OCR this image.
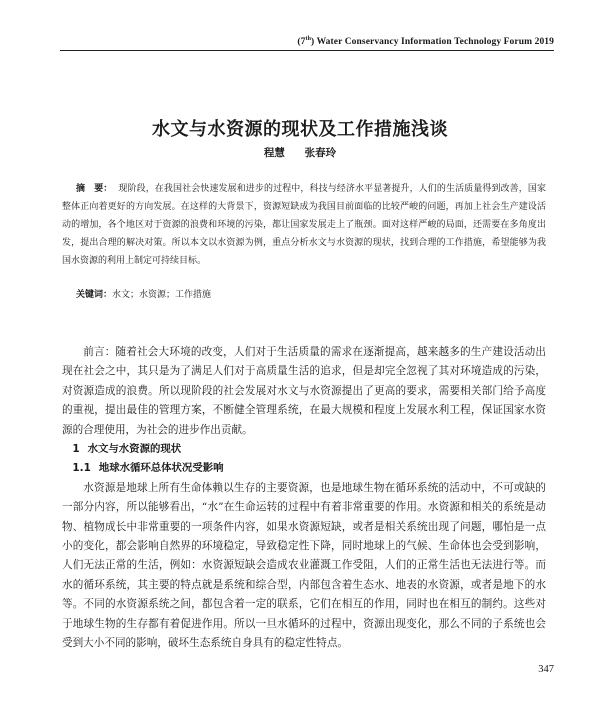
(7th) Water Conservancy Information Technology Forum 2019
水文与水资源的现状及工作措施浅谈
程慧 张春玲
摘　要： 现阶段，在我国社会快速发展和进步的过程中，科技与经济水平显著提升，人们的生活质量得到改善，国家整体正向着更好的方向发展。在这样的大背景下，资源短缺成为我国目前面临的比较严峻的问题，再加上社会生产建设活动的增加，各个地区对于资源的浪费和环境的污染，都让国家发展走上了瓶颈。面对这样严峻的局面，还需要在多角度出发，提出合理的解决对策。所以本文以水资源为例，重点分析水文与水资源的现状，找到合理的工作措施，希望能够为我国水资源的利用上制定可持续目标。
关键词：水文；水资源；工作措施

前言：随着社会大环境的改变，人们对于生活质量的需求在逐渐提高，越来越多的生产建设活动出现在社会之中，其只是为了满足人们对于高质量生活的追求，但是却完全忽视了其对环境造成的污染，对资源造成的浪费。所以现阶段的社会发展对水文与水资源提出了更高的要求，需要相关部门给予高度的重视，提出最佳的管理方案，不断健全管理系统，在最大规模和程度上发展水利工程，保证国家水资源的合理使用，为社会的进步作出贡献。

1 水文与水资源的现状
1.1 地球水循环总体状况受影响

水资源是地球上所有生命体赖以生存的主要资源，也是地球生物在循环系统的活动中，不可或缺的一部分内容，所以能够看出，“水”在生命运转的过程中有着非常重要的作用。水资源和相关的系统是动物、植物成长中非常重要的一项条件内容，如果水资源短缺，或者是相关系统出现了问题，哪怕是一点小的变化，都会影响自然界的环境稳定，导致稳定性下降，同时地球上的气候、生命体也会受到影响，人们无法正常的生活，例如：水资源短缺会造成农业灌溉工作受阻，人们的正常生活也无法进行等。而水的循环系统，其主要的特点就是系统和综合型，内部包含着生态水、地表的水资源，或者是地下的水等。不同的水资源系统之间，都包含着一定的联系，它们在相互的作用，同时也在相互的制约。这些对于地球生物的生存都有着促进作用。所以一旦水循环的过程中，资源出现变化，那么不同的子系统也会受到大小不同的影响，破坏生态系统自身具有的稳定性特点。

347
